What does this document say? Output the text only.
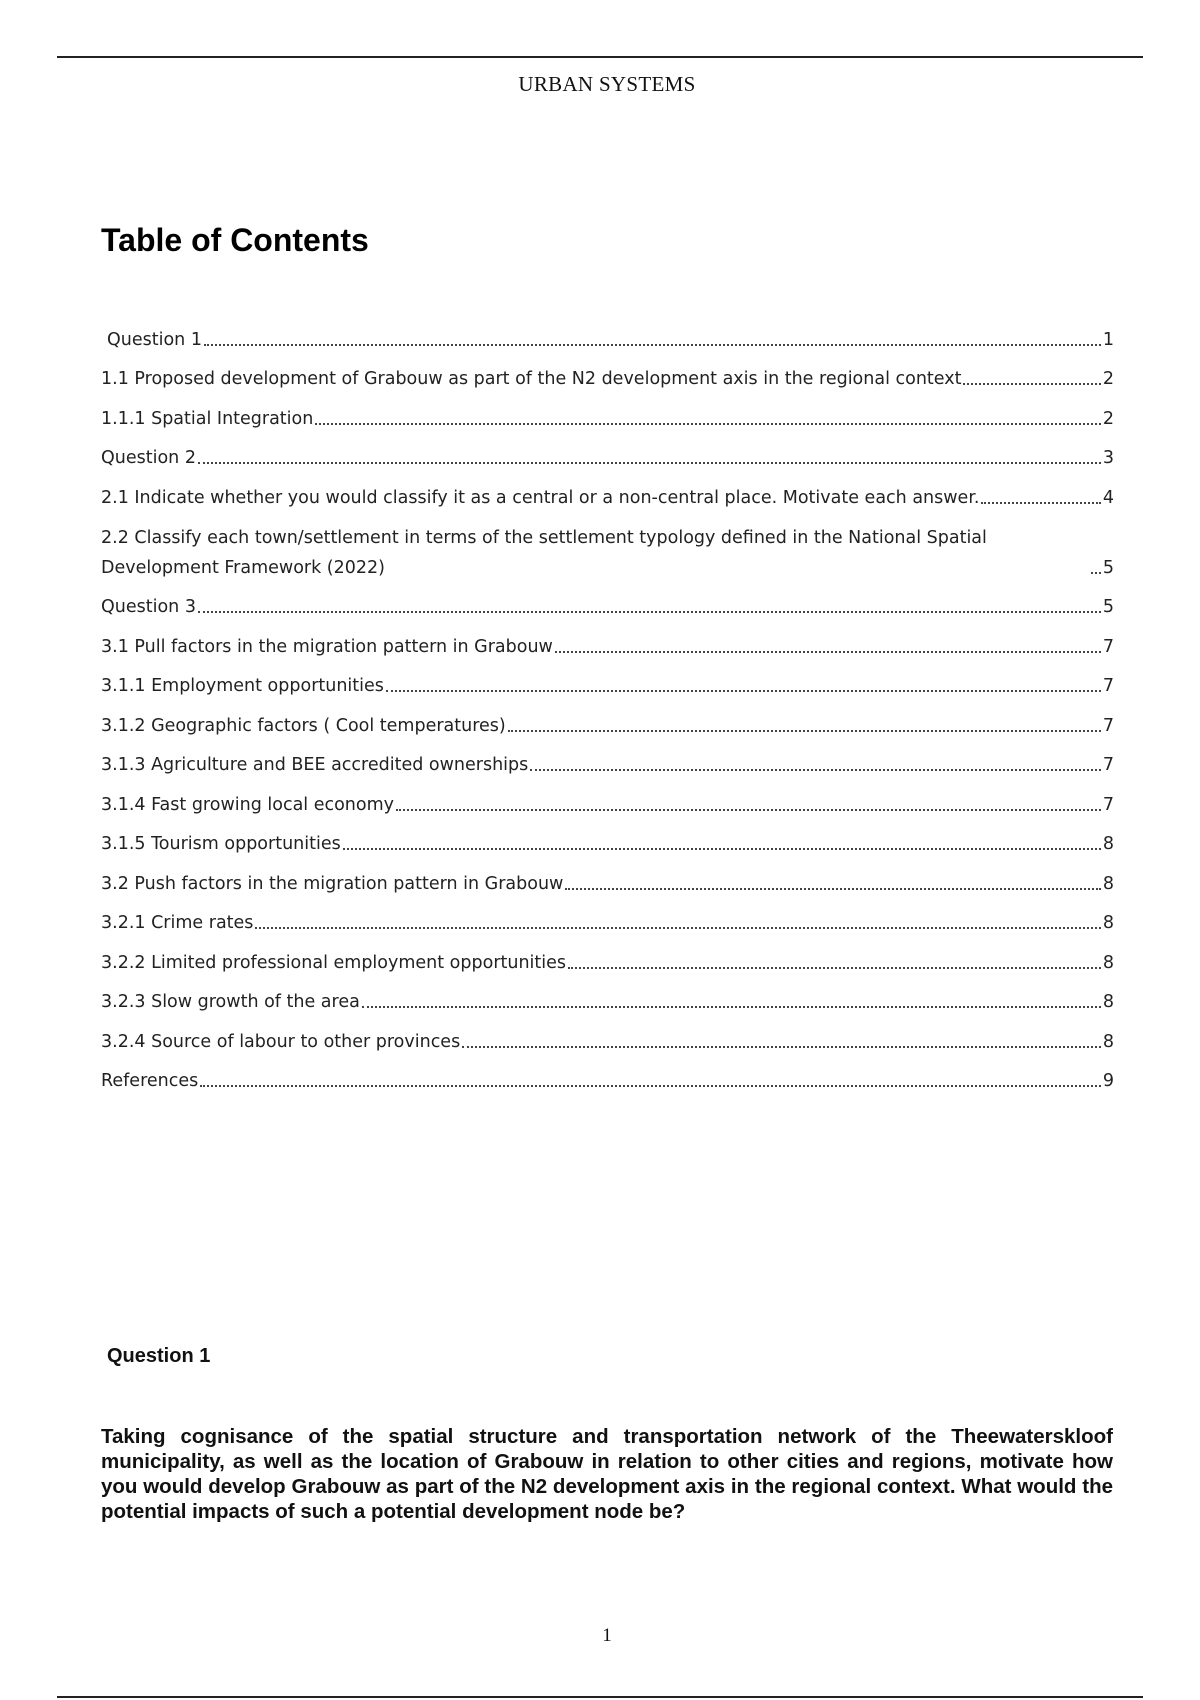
URBAN SYSTEMS
Table of Contents
Question 1	1
1.1 Proposed development of Grabouw as part of the N2 development axis in the regional context	2
1.1.1 Spatial Integration	2
Question 2	3
2.1 Indicate whether you would classify it as a central or a non-central place. Motivate each answer.	4
2.2 Classify each town/settlement in terms of the settlement typology defined in the National Spatial Development Framework (2022)	5
Question 3	5
3.1 Pull factors in the migration pattern in Grabouw	7
3.1.1 Employment opportunities	7
3.1.2 Geographic factors ( Cool temperatures)	7
3.1.3 Agriculture and BEE accredited ownerships	7
3.1.4 Fast growing local economy	7
3.1.5 Tourism opportunities	8
3.2 Push factors in the migration pattern in Grabouw	8
3.2.1 Crime rates	8
3.2.2 Limited professional employment opportunities	8
3.2.3 Slow growth of the area	8
3.2.4 Source of labour to other provinces	8
References	9
Question 1

Taking cognisance of the spatial structure and transportation network of the Theewaterskloof municipality, as well as the location of Grabouw in relation to other cities and regions, motivate how you would develop Grabouw as part of the N2 development axis in the regional context. What would the potential impacts of such a potential development node be?

1
